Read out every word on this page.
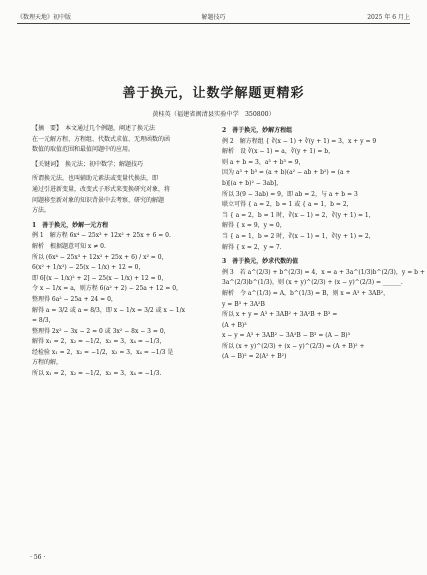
《数理天地》初中版	解题技巧	2025 年 6 月上
善于换元，让数学解题更精彩
黄桂英（福建省闽清县实验中学　350800）

【摘　要】　本文通过几个例题，阐述了换元法

在一元解方程、方程组、代数式求值、无理函数的函

数值的取值范围和最值问题中的应用。

【关键词】　换元法；初中数学；解题技巧

所谓换元法，也叫辅助元素法或变量代换法，即

通过引进新变量，改变式子形式来变换研究对象，将

问题移至新对象的知识背景中去考察、研究的解题

方法。

1　善于换元，妙解一元方程

例 1　解方程 6x⁴ − 25x³ + 12x² + 25x + 6 = 0.

解析　根据题意可知 x ≠ 0.

所以 (6x⁴ − 25x³ + 12x² + 25x + 6) / x² = 0，

6(x² + 1/x²) − 25(x − 1/x) + 12 = 0，

即 6[(x − 1/x)² + 2] − 25(x − 1/x) + 12 = 0，

令 x − 1/x = a，则方程 6(a² + 2) − 25a + 12 = 0，

整理得 6a² − 25a + 24 = 0，

解得 a = 3/2 或 a = 8/3，即 x − 1/x = 3/2 或 x − 1/x

= 8/3，

整理得 2x² − 3x − 2 = 0 或 3x² − 8x − 3 = 0，

解得 x₁ = 2，x₂ = −1/2，x₃ = 3，x₄ = −1/3，

经检验 x₁ = 2，x₂ = −1/2，x₃ = 3，x₄ = −1/3 是

方程的解，

所以 x₁ = 2，x₂ = −1/2，x₃ = 3，x₄ = −1/3.

2　善于换元，妙解方程组

例 2　解方程组 { ∛(x − 1) + ∛(y + 1) = 3，x + y = 9

解析　设 ∛(x − 1) = a，∛(y + 1) = b，

则 a + b = 3，a³ + b³ = 9，

因为 a³ + b³ = (a + b)(a² − ab + b²) = (a +

b)[(a + b)² − 3ab]，

所以 3(9 − 3ab) = 9，即 ab = 2，与 a + b = 3

联立可得 { a = 2，b = 1 或 { a = 1，b = 2，

当 { a = 2，b = 1 时，∛(x − 1) = 2，∛(y + 1) = 1，

解得 { x = 9，y = 0，

当 { a = 1，b = 2 时，∛(x − 1) = 1，∛(y + 1) = 2，

解得 { x = 2，y = 7.

3　善于换元，妙求代数的值

例 3　若 a^(2/3) + b^(2/3) = 4，x = a + 3a^(1/3)b^(2/3)，y = b +

3a^(2/3)b^(1/3)，则 (x + y)^(2/3) + (x − y)^(2/3) = ______.

解析　令 a^(1/3) = A，b^(1/3) = B，则 x = A³ + 3AB²，

y = B³ + 3A²B

所以 x + y = A³ + 3AB² + 3A²B + B³ =

(A + B)³

x − y = A³ + 3AB² − 3A²B − B³ = (A − B)³

所以 (x + y)^(2/3) + (x − y)^(2/3) = (A + B)² +

(A − B)² = 2(A² + B²)

· 56 ·
